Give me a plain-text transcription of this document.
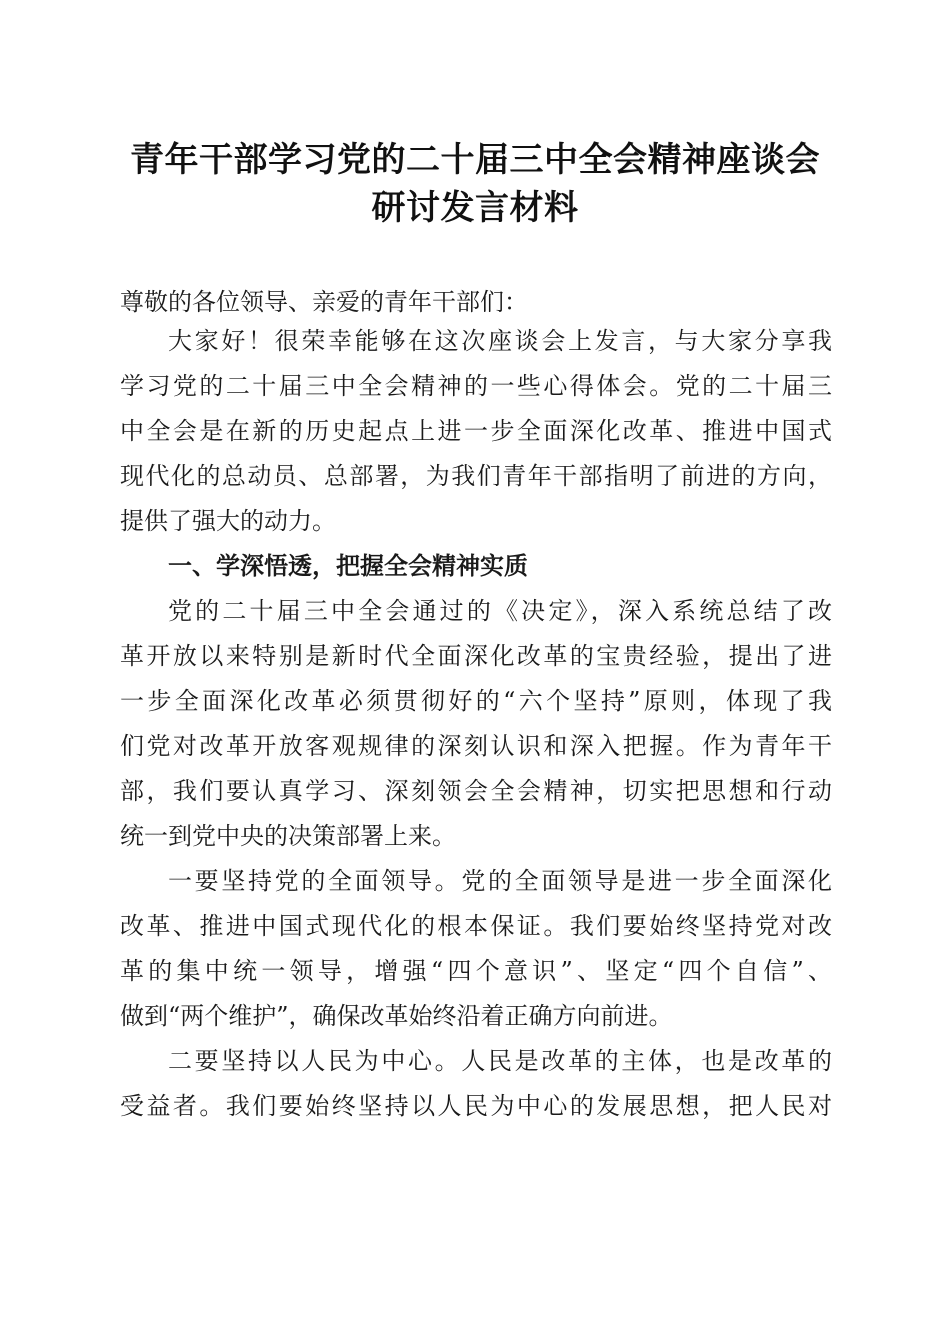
青年干部学习党的二十届三中全会精神座谈会
研讨发言材料
尊敬的各位领导、亲爱的青年干部们：
大家好！很荣幸能够在这次座谈会上发言，与大家分享我
学习党的二十届三中全会精神的一些心得体会。党的二十届三
中全会是在新的历史起点上进一步全面深化改革、推进中国式
现代化的总动员、总部署，为我们青年干部指明了前进的方向，
提供了强大的动力。
一、学深悟透，把握全会精神实质
党的二十届三中全会通过的《决定》，深入系统总结了改
革开放以来特别是新时代全面深化改革的宝贵经验，提出了进
一步全面深化改革必须贯彻好的“六个坚持”原则，体现了我
们党对改革开放客观规律的深刻认识和深入把握。作为青年干
部，我们要认真学习、深刻领会全会精神，切实把思想和行动
统一到党中央的决策部署上来。
一要坚持党的全面领导。党的全面领导是进一步全面深化
改革、推进中国式现代化的根本保证。我们要始终坚持党对改
革的集中统一领导，增强“四个意识”、坚定“四个自信”、
做到“两个维护”，确保改革始终沿着正确方向前进。
二要坚持以人民为中心。人民是改革的主体，也是改革的
受益者。我们要始终坚持以人民为中心的发展思想，把人民对
